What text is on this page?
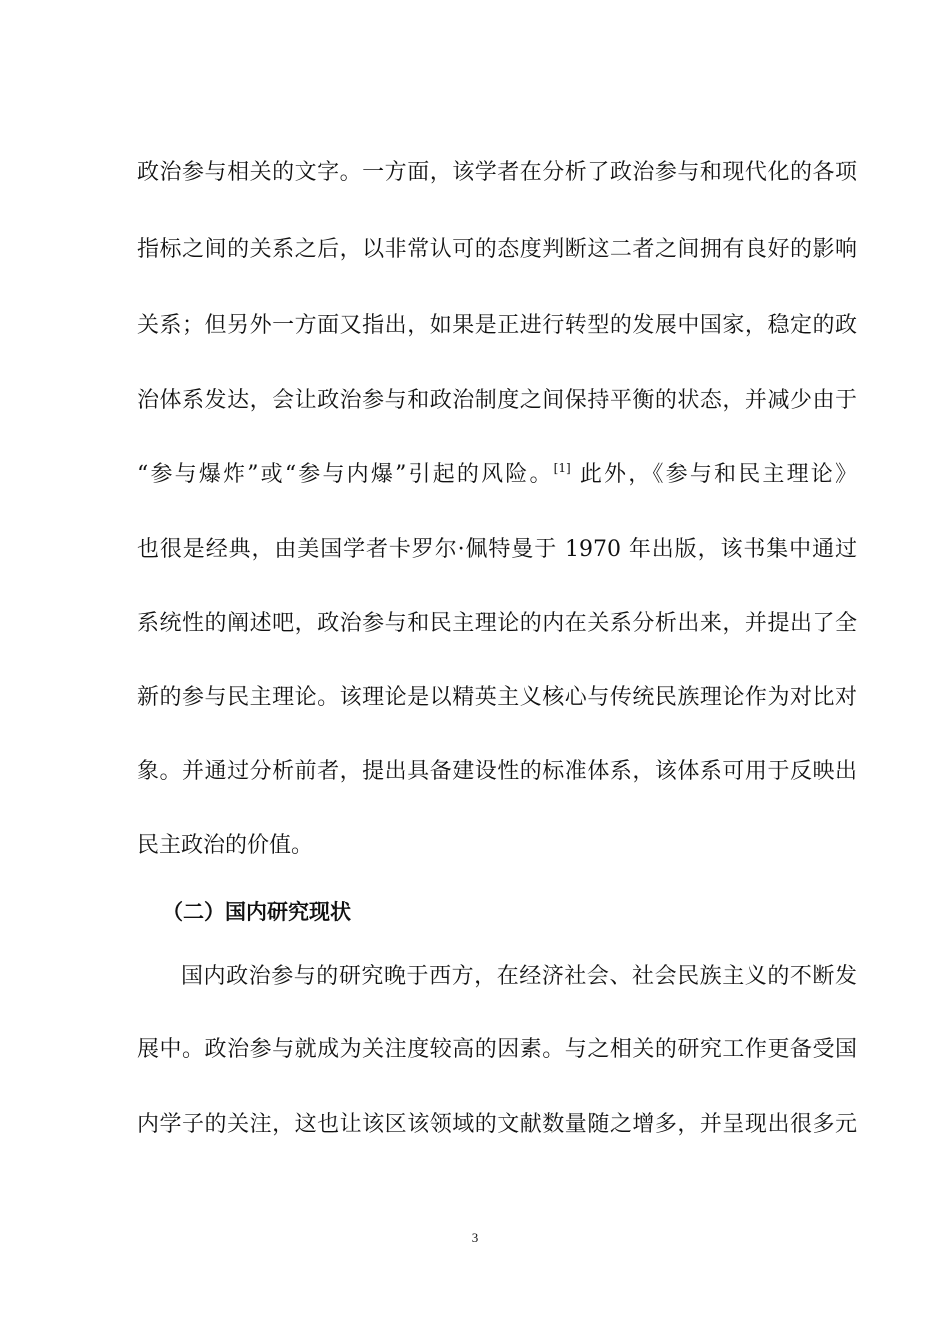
政治参与相关的文字。一方面，该学者在分析了政治参与和现代化的各项
指标之间的关系之后，以非常认可的态度判断这二者之间拥有良好的影响
关系；但另外一方面又指出，如果是正进行转型的发展中国家，稳定的政
治体系发达，会让政治参与和政治制度之间保持平衡的状态，并减少由于
“参与爆炸”或“参与内爆”引起的风险。[1] 此外，《参与和民主理论》
也很是经典，由美国学者卡罗尔·佩特曼于 1970 年出版，该书集中通过
系统性的阐述吧，政治参与和民主理论的内在关系分析出来，并提出了全
新的参与民主理论。该理论是以精英主义核心与传统民族理论作为对比对
象。并通过分析前者，提出具备建设性的标准体系，该体系可用于反映出
民主政治的价值。
（二）国内研究现状
国内政治参与的研究晚于西方，在经济社会、社会民族主义的不断发
展中。政治参与就成为关注度较高的因素。与之相关的研究工作更备受国
内学子的关注，这也让该区该领域的文献数量随之增多，并呈现出很多元
3
